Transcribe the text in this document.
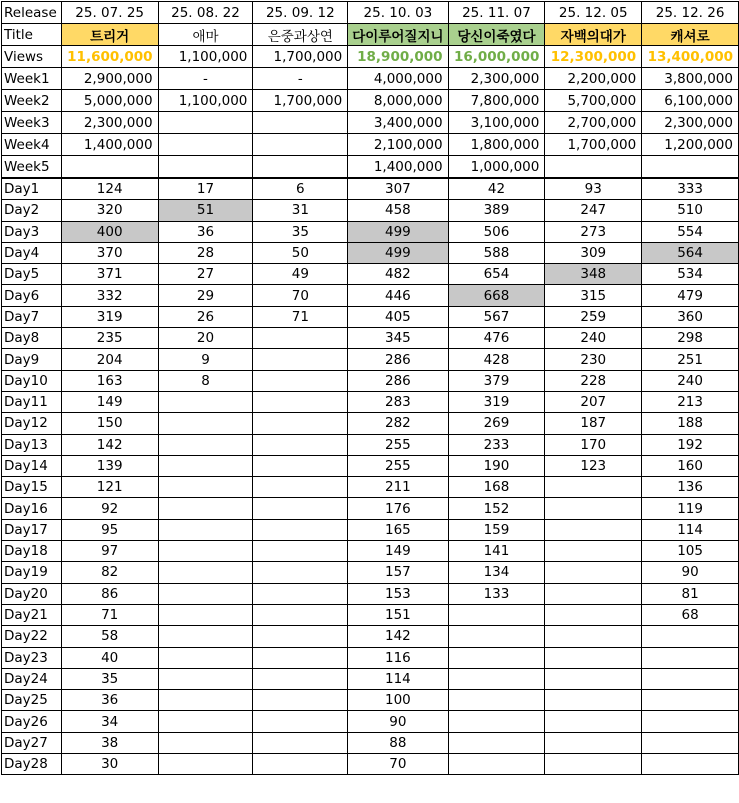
Release	25. 07. 25	25. 08. 22	25. 09. 12	25. 10. 03	25. 11. 07	25. 12. 05	25. 12. 26
Title	트리거	애마	은중과상연	다이루어질지니	당신이죽였다	자백의대가	캐셔로
Views	11,600,000	1,100,000	1,700,000	18,900,000	16,000,000	12,300,000	13,400,000
Week1	2,900,000	-	-	4,000,000	2,300,000	2,200,000	3,800,000
Week2	5,000,000	1,100,000	1,700,000	8,000,000	7,800,000	5,700,000	6,100,000
Week3	2,300,000			3,400,000	3,100,000	2,700,000	2,300,000
Week4	1,400,000			2,100,000	1,800,000	1,700,000	1,200,000
Week5				1,400,000	1,000,000		
Day1	124	17	6	307	42	93	333
Day2	320	51	31	458	389	247	510
Day3	400	36	35	499	506	273	554
Day4	370	28	50	499	588	309	564
Day5	371	27	49	482	654	348	534
Day6	332	29	70	446	668	315	479
Day7	319	26	71	405	567	259	360
Day8	235	20		345	476	240	298
Day9	204	9		286	428	230	251
Day10	163	8		286	379	228	240
Day11	149			283	319	207	213
Day12	150			282	269	187	188
Day13	142			255	233	170	192
Day14	139			255	190	123	160
Day15	121			211	168		136
Day16	92			176	152		119
Day17	95			165	159		114
Day18	97			149	141		105
Day19	82			157	134		90
Day20	86			153	133		81
Day21	71			151			68
Day22	58			142			
Day23	40			116			
Day24	35			114			
Day25	36			100			
Day26	34			90			
Day27	38			88			
Day28	30			70			
